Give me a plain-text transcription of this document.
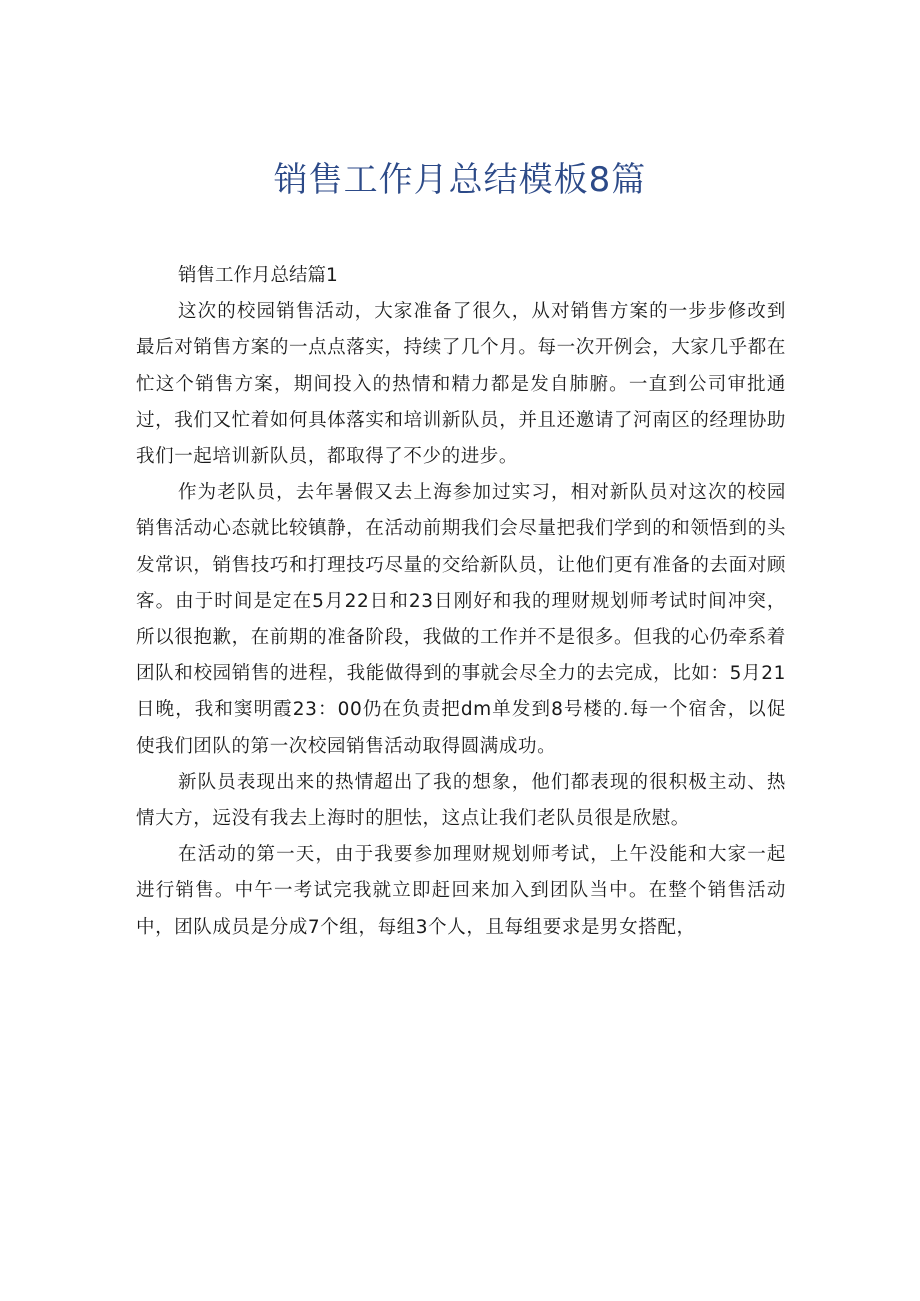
销售工作月总结模板8篇

销售工作月总结篇1

这次的校园销售活动，大家准备了很久，从对销售方案的一步步修改到最后对销售方案的一点点落实，持续了几个月。每一次开例会，大家几乎都在忙这个销售方案，期间投入的热情和精力都是发自肺腑。一直到公司审批通过，我们又忙着如何具体落实和培训新队员，并且还邀请了河南区的经理协助我们一起培训新队员，都取得了不少的进步。

作为老队员，去年暑假又去上海参加过实习，相对新队员对这次的校园销售活动心态就比较镇静，在活动前期我们会尽量把我们学到的和领悟到的头发常识，销售技巧和打理技巧尽量的交给新队员，让他们更有准备的去面对顾客。由于时间是定在5月22日和23日刚好和我的理财规划师考试时间冲突，所以很抱歉，在前期的准备阶段，我做的工作并不是很多。但我的心仍牵系着团队和校园销售的进程，我能做得到的事就会尽全力的去完成，比如：5月21日晚，我和窦明霞23：00仍在负责把dm单发到8号楼的.每一个宿舍，以促使我们团队的第一次校园销售活动取得圆满成功。

新队员表现出来的热情超出了我的想象，他们都表现的很积极主动、热情大方，远没有我去上海时的胆怯，这点让我们老队员很是欣慰。

在活动的第一天，由于我要参加理财规划师考试，上午没能和大家一起进行销售。中午一考试完我就立即赶回来加入到团队当中。在整个销售活动中，团队成员是分成7个组，每组3个人，且每组要求是男女搭配，
